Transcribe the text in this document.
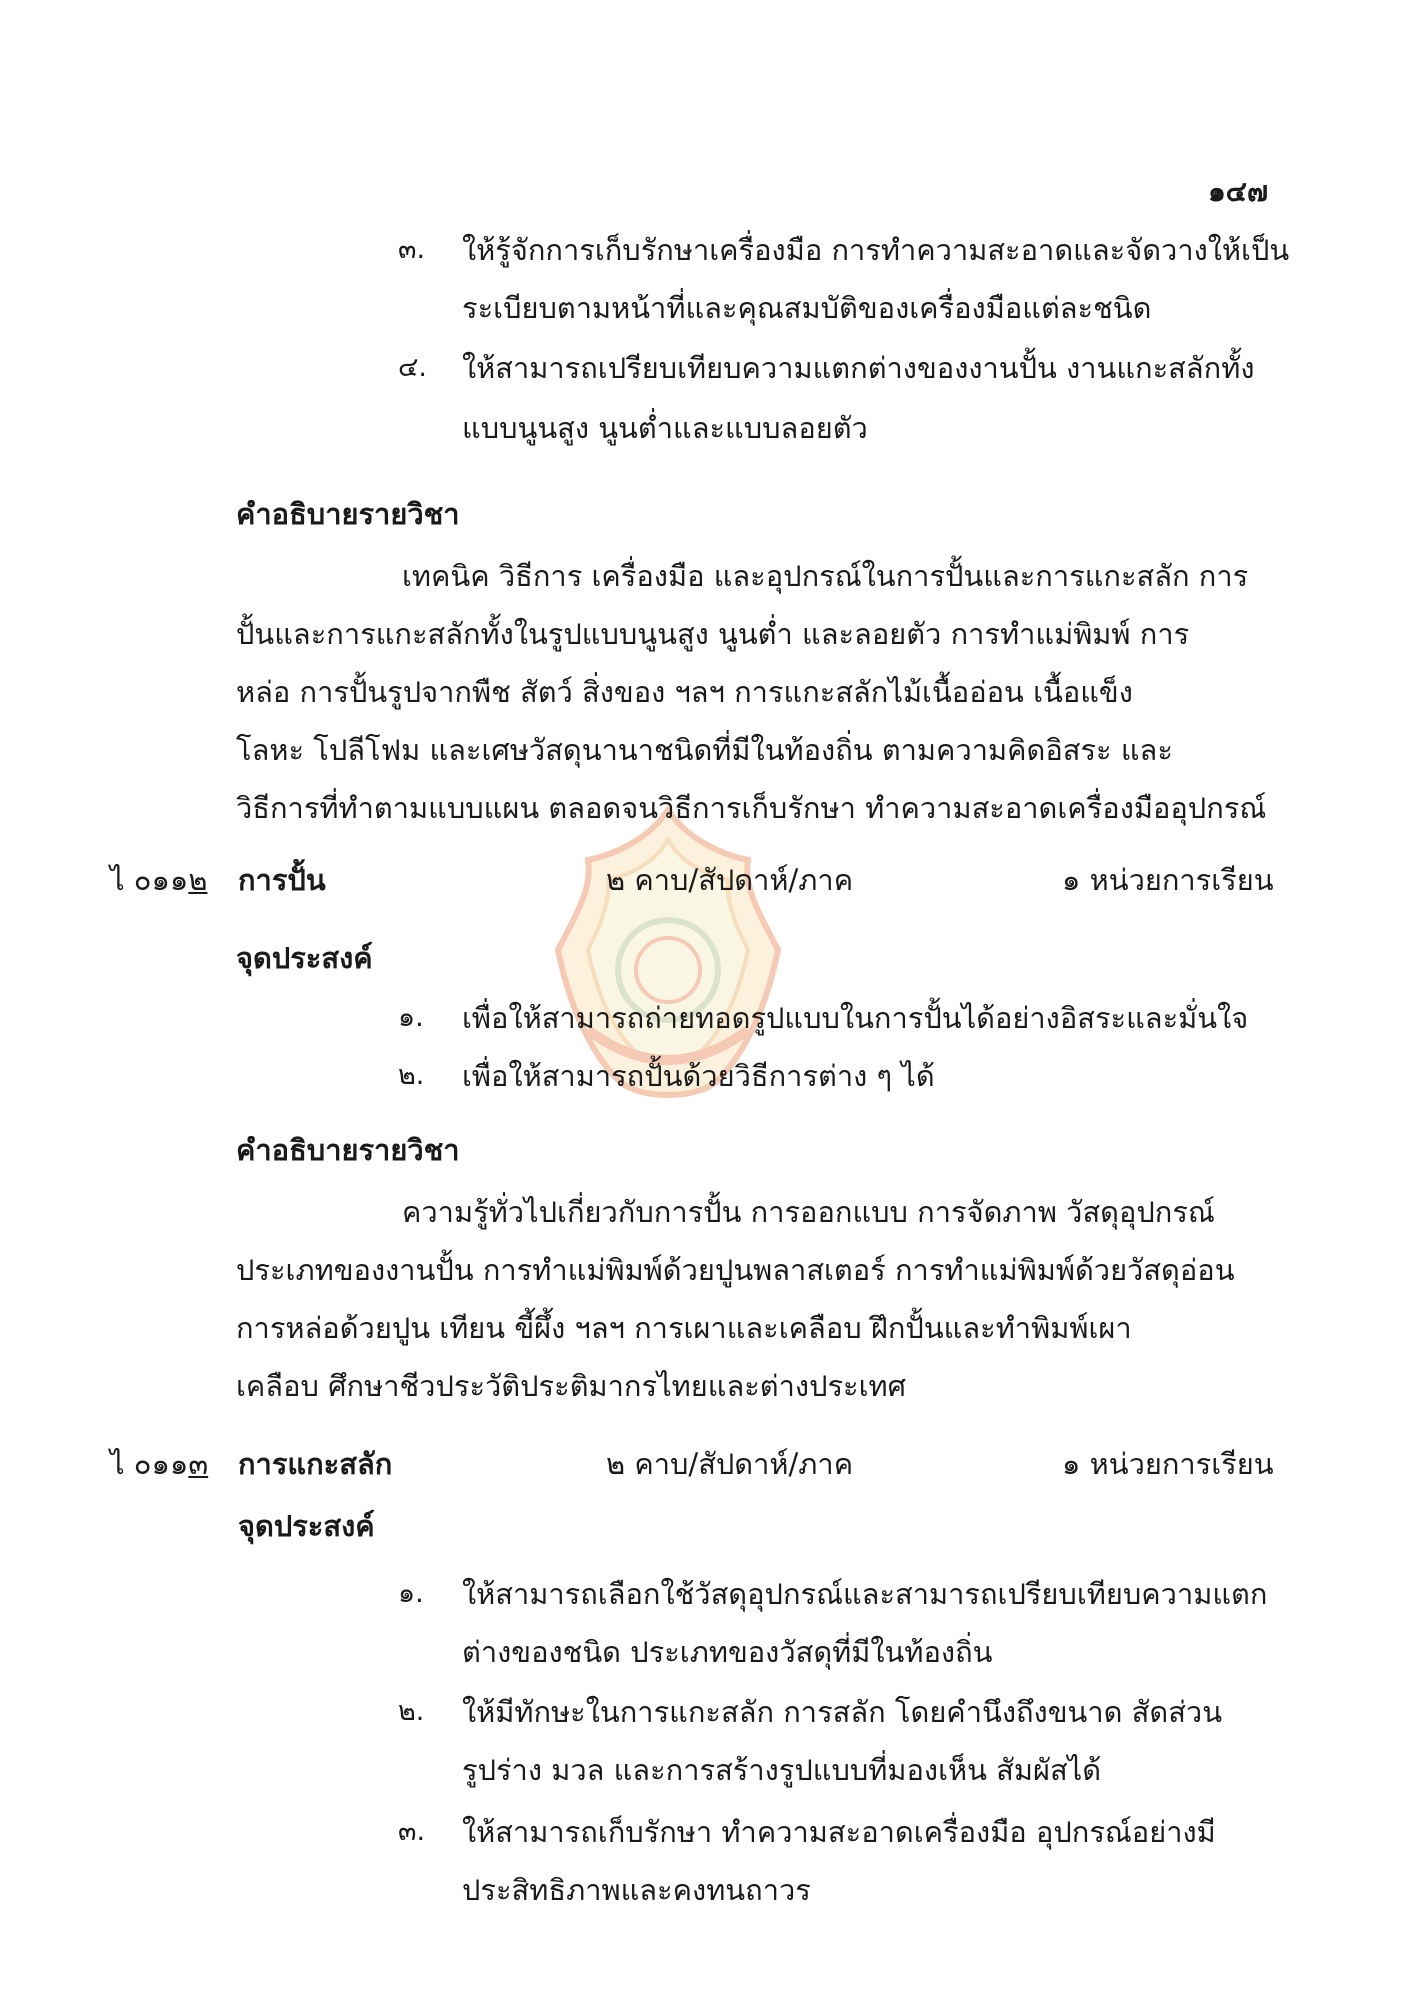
๑๔๗
๓. ให้รู้จักการเก็บรักษาเครื่องมือ การทำความสะอาดและจัดวางให้เป็น
ระเบียบตามหน้าที่และคุณสมบัติของเครื่องมือแต่ละชนิด
๔. ให้สามารถเปรียบเทียบความแตกต่างของงานปั้น งานแกะสลักทั้ง
แบบนูนสูง นูนต่ำและแบบลอยตัว
คำอธิบายรายวิชา
เทคนิค วิธีการ เครื่องมือ และอุปกรณ์ในการปั้นและการแกะสลัก การ
ปั้นและการแกะสลักทั้งในรูปแบบนูนสูง นูนต่ำ และลอยตัว การทำแม่พิมพ์ การ
หล่อ การปั้นรูปจากพืช สัตว์ สิ่งของ ฯลฯ การแกะสลักไม้เนื้ออ่อน เนื้อแข็ง
โลหะ โปลีโฟม และเศษวัสดุนานาชนิดที่มีในท้องถิ่น ตามความคิดอิสระ และ
วิธีการที่ทำตามแบบแผน ตลอดจนวิธีการเก็บรักษา ทำความสะอาดเครื่องมืออุปกรณ์
ไ ๐๑๑๒ การปั้น	๒ คาบ/สัปดาห์/ภาค	๑ หน่วยการเรียน
จุดประสงค์
๑. เพื่อให้สามารถถ่ายทอดรูปแบบในการปั้นได้อย่างอิสระและมั่นใจ
๒. เพื่อให้สามารถปั้นด้วยวิธีการต่าง ๆ ได้
คำอธิบายรายวิชา
ความรู้ทั่วไปเกี่ยวกับการปั้น การออกแบบ การจัดภาพ วัสดุอุปกรณ์
ประเภทของงานปั้น การทำแม่พิมพ์ด้วยปูนพลาสเตอร์ การทำแม่พิมพ์ด้วยวัสดุอ่อน
การหล่อด้วยปูน เทียน ขี้ผึ้ง ฯลฯ การเผาและเคลือบ ฝึกปั้นและทำพิมพ์เผา
เคลือบ ศึกษาชีวประวัติประติมากรไทยและต่างประเทศ
ไ ๐๑๑๓ การแกะสลัก	๒ คาบ/สัปดาห์/ภาค	๑ หน่วยการเรียน
จุดประสงค์
๑. ให้สามารถเลือกใช้วัสดุอุปกรณ์และสามารถเปรียบเทียบความแตก
ต่างของชนิด ประเภทของวัสดุที่มีในท้องถิ่น
๒. ให้มีทักษะในการแกะสลัก การสลัก โดยคำนึงถึงขนาด สัดส่วน
รูปร่าง มวล และการสร้างรูปแบบที่มองเห็น สัมผัสได้
๓. ให้สามารถเก็บรักษา ทำความสะอาดเครื่องมือ อุปกรณ์อย่างมี
ประสิทธิภาพและคงทนถาวร
